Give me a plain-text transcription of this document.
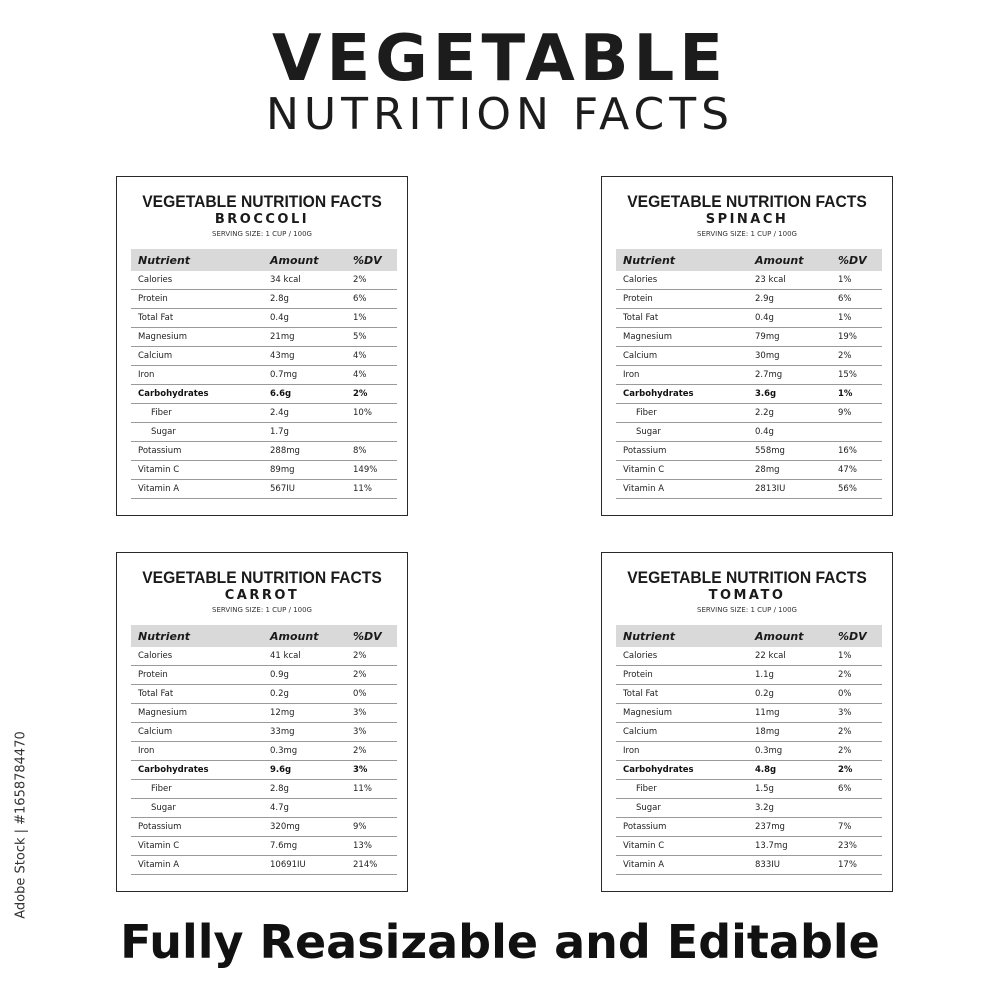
VEGETABLE
NUTRITION FACTS
VEGETABLE NUTRITION FACTS
BROCCOLI
SERVING SIZE: 1 CUP / 100G
Nutrient	Amount	%DV
Calories	34 kcal	2%
Protein	2.8g	6%
Total Fat	0.4g	1%
Magnesium	21mg	5%
Calcium	43mg	4%
Iron	0.7mg	4%
Carbohydrates	6.6g	2%
Fiber	2.4g	10%
Sugar	1.7g	
Potassium	288mg	8%
Vitamin C	89mg	149%
Vitamin A	567IU	11%
VEGETABLE NUTRITION FACTS
SPINACH
SERVING SIZE: 1 CUP / 100G
Nutrient	Amount	%DV
Calories	23 kcal	1%
Protein	2.9g	6%
Total Fat	0.4g	1%
Magnesium	79mg	19%
Calcium	30mg	2%
Iron	2.7mg	15%
Carbohydrates	3.6g	1%
Fiber	2.2g	9%
Sugar	0.4g	
Potassium	558mg	16%
Vitamin C	28mg	47%
Vitamin A	2813IU	56%
VEGETABLE NUTRITION FACTS
CARROT
SERVING SIZE: 1 CUP / 100G
Nutrient	Amount	%DV
Calories	41 kcal	2%
Protein	0.9g	2%
Total Fat	0.2g	0%
Magnesium	12mg	3%
Calcium	33mg	3%
Iron	0.3mg	2%
Carbohydrates	9.6g	3%
Fiber	2.8g	11%
Sugar	4.7g	
Potassium	320mg	9%
Vitamin C	7.6mg	13%
Vitamin A	10691IU	214%
VEGETABLE NUTRITION FACTS
TOMATO
SERVING SIZE: 1 CUP / 100G
Nutrient	Amount	%DV
Calories	22 kcal	1%
Protein	1.1g	2%
Total Fat	0.2g	0%
Magnesium	11mg	3%
Calcium	18mg	2%
Iron	0.3mg	2%
Carbohydrates	4.8g	2%
Fiber	1.5g	6%
Sugar	3.2g	
Potassium	237mg	7%
Vitamin C	13.7mg	23%
Vitamin A	833IU	17%
Fully Reasizable and Editable
Adobe Stock | #1658784470
